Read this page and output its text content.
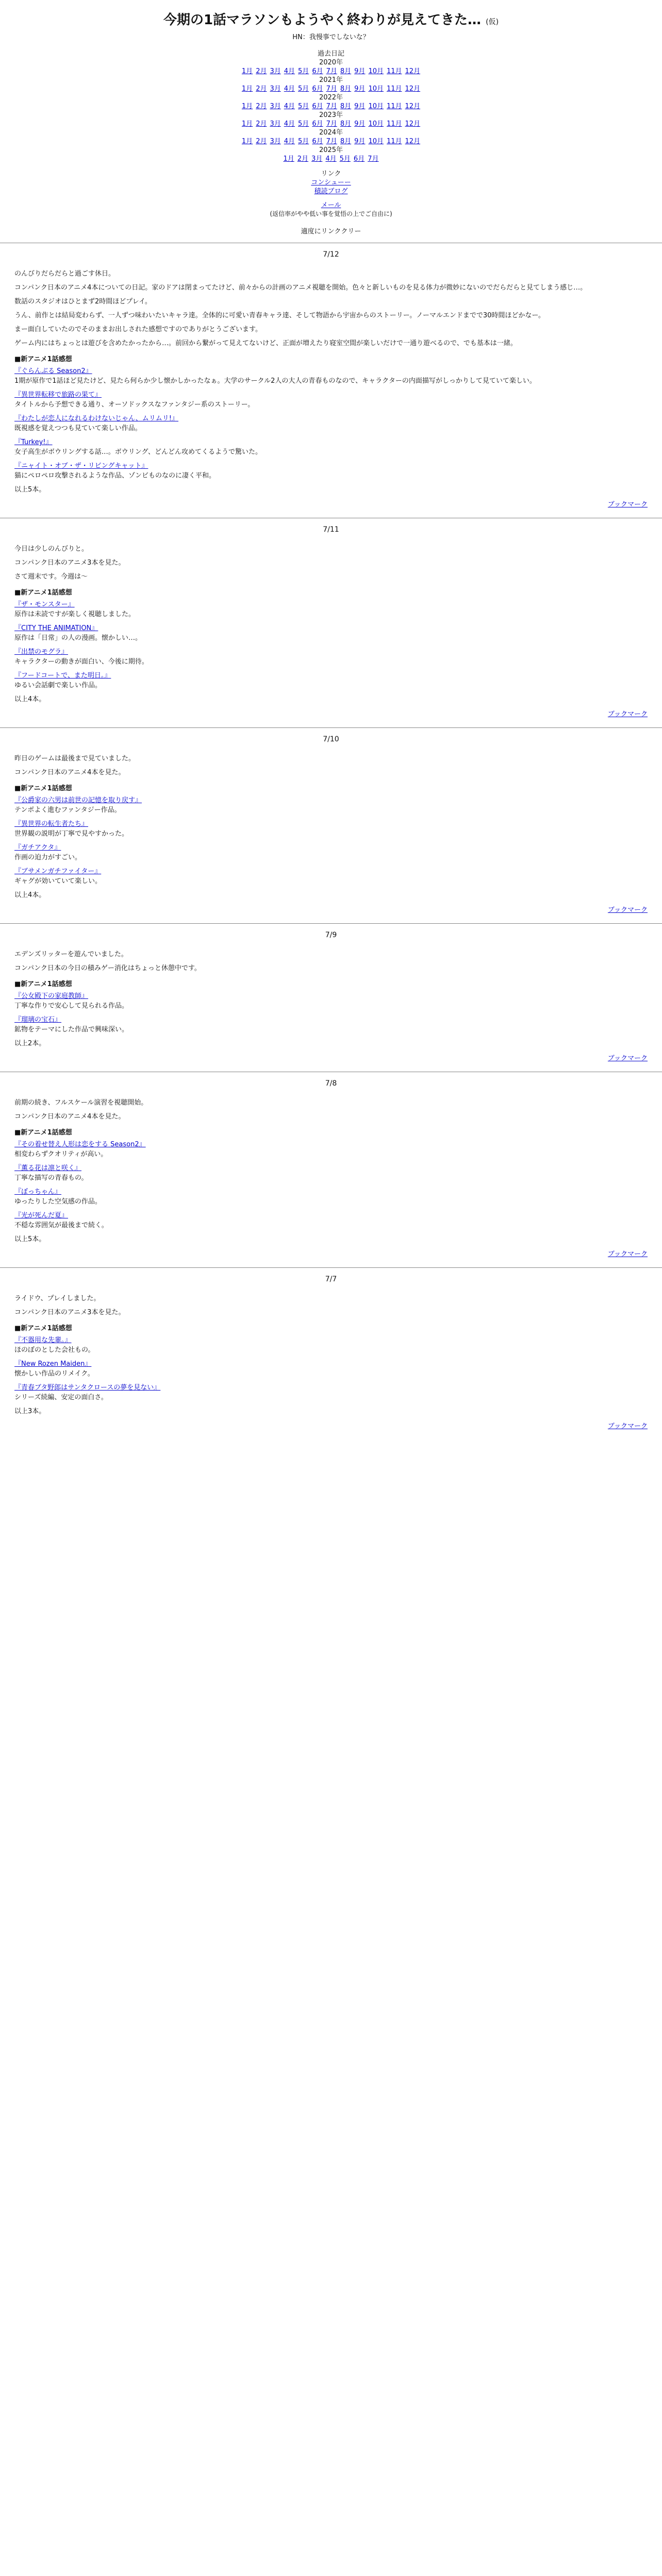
今期の1話マラソンもようやく終わりが見えてきた… (仮)
HN：我慢事でしないな？
過去日記
2020年
1月 2月 3月 4月 5月 6月 7月 8月 9月 10月 11月 12月
2021年
1月 2月 3月 4月 5月 6月 7月 8月 9月 10月 11月 12月
2022年
1月 2月 3月 4月 5月 6月 7月 8月 9月 10月 11月 12月
2023年
1月 2月 3月 4月 5月 6月 7月 8月 9月 10月 11月 12月
2024年
1月 2月 3月 4月 5月 6月 7月 8月 9月 10月 11月 12月
2025年
1月 2月 3月 4月 5月 6月 7月
リンク
コンシューー
積読ブログ
メール
(返信率がやや低い事を覚悟の上でご自由に)
適度にリンククリー
7/12

のんびりだらだらと過ごす休日。

コンパンク日本のアニメ4本についての日記。家のドアは閉まってたけど、前々からの計画のアニメ視聴を開始。色々と新しいものを見る体力が微妙にないのでだらだらと見てしまう感じ…。

数話のスタジオはひとまず2時間ほどプレイ。

うん、前作とは結局変わらず、一人ずつ味わいたいキャラ達。全体的に可愛い青春キャラ達、そして物語から宇宙からのストーリー。ノーマルエンドまでで30時間ほどかなー。

まー面白していたのでそのままお出しされた感想ですのでありがとうございます。

ゲーム内にはちょっとは遊びを含めたかったから…。前回から繋がって見えてないけど、正面が増えたり寝室空間が楽しいだけで一通り遊べるので、でも基本は一緒。

■新アニメ1話感想
『ぐらんぶる Season2』

1期が原作で1話ほど見たけど、見たら何らか少し懐かしかったなぁ。大学のサークル2人の大人の青春ものなので、キャラクターの内面描写がしっかりして見ていて楽しい。

『異世界転移で旅路の果て』

タイトルから予想できる通り、オーソドックスなファンタジー系のストーリー。

『わたしが恋人になれるわけないじゃん、ムリムリ!』

既視感を覚えつつも見ていて楽しい作品。

『Turkey!』

女子高生がボウリングする話…。ボウリング、どんどん攻めてくるようで驚いた。

『ニャイト・オブ・ザ・リビングキャット』

猫にペロペロ攻撃されるような作品、ゾンビものなのに凄く平和。

以上5本。

ブックマーク
7/11

今日は少しのんびりと。

コンパンク日本のアニメ3本を見た。

さて週末です。今週は～

■新アニメ1話感想
『ザ・モンスター』

原作は未読ですが楽しく視聴しました。

『CITY THE ANIMATION』

原作は「日常」の人の漫画。懐かしい…。

『出禁のモグラ』

キャラクターの動きが面白い、今後に期待。

『フードコートで、また明日。』

ゆるい会話劇で楽しい作品。

以上4本。

ブックマーク
7/10

昨日のゲームは最後まで見ていました。

コンパンク日本のアニメ4本を見た。

■新アニメ1話感想
『公爵家の六男は前世の記憶を取り戻す』

テンポよく進むファンタジー作品。

『異世界の転生者たち』

世界観の説明が丁寧で見やすかった。

『ガチアクタ』

作画の迫力がすごい。

『ブサメンガチファイター』

ギャグが効いていて楽しい。

以上4本。

ブックマーク
7/9

エデンズリッターを遊んでいました。

コンパンク日本の今日の積みゲー消化はちょっと休憩中です。

■新アニメ1話感想
『公女殿下の家庭教師』

丁寧な作りで安心して見られる作品。

『瑠璃の宝石』

鉱物をテーマにした作品で興味深い。

以上2本。

ブックマーク
7/8

前期の続き、フルスケール演習を視聴開始。

コンパンク日本のアニメ4本を見た。

■新アニメ1話感想
『その着せ替え人形は恋をする Season2』

相変わらずクオリティが高い。

『薫る花は凛と咲く』

丁寧な描写の青春もの。

『ぼっちゃん』

ゆったりした空気感の作品。

『光が死んだ夏』

不穏な雰囲気が最後まで続く。

以上5本。

ブックマーク
7/7

ライドウ、プレイしました。

コンパンク日本のアニメ3本を見た。

■新アニメ1話感想
『不器用な先輩。』

ほのぼのとした会社もの。

『New Rozen Maiden』

懐かしい作品のリメイク。

『青春ブタ野郎はサンタクロースの夢を見ない』

シリーズ続編、安定の面白さ。

以上3本。

ブックマーク
